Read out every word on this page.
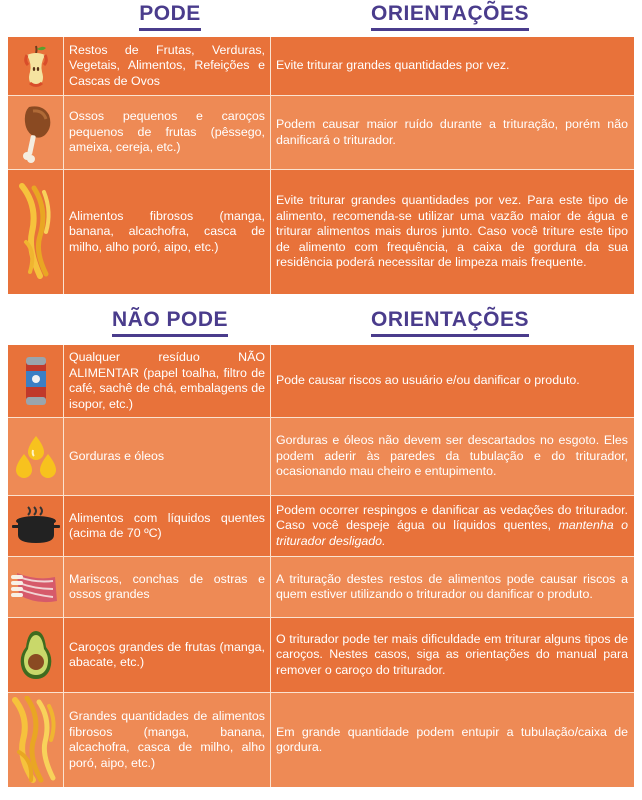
PODE	ORIENTAÇÕES
Restos de Frutas, Verduras, Vegetais, Alimentos, Refeições e Cascas de Ovos
Evite triturar grandes quantidades por vez.
Ossos pequenos e caroços pequenos de frutas (pêssego, ameixa, cereja, etc.)
Podem causar maior ruído durante a trituração, porém não danificará o triturador.
Alimentos fibrosos (manga, banana, alcachofra, casca de milho, alho poró, aipo, etc.)
Evite triturar grandes quantidades por vez. Para este tipo de alimento, recomenda-se utilizar uma vazão maior de água e triturar alimentos mais duros junto. Caso você triture este tipo de alimento com frequência, a caixa de gordura da sua residência poderá necessitar de limpeza mais frequente.
NÃO PODE	ORIENTAÇÕES
Qualquer resíduo NÃO ALIMENTAR (papel toalha, filtro de café, sachê de chá, embalagens de isopor, etc.)
Pode causar riscos ao usuário e/ou danificar o produto.
Gorduras e óleos
Gorduras e óleos não devem ser descartados no esgoto. Eles podem aderir às paredes da tubulação e do triturador, ocasionando mau cheiro e entupimento.
Alimentos com líquidos quentes (acima de 70 ºC)
Podem ocorrer respingos e danificar as vedações do triturador. Caso você despeje água ou líquidos quentes, mantenha o triturador desligado.
Mariscos, conchas de ostras e ossos grandes
A trituração destes restos de alimentos pode causar riscos a quem estiver utilizando o triturador ou danificar o produto.
Caroços grandes de frutas (manga, abacate, etc.)
O triturador pode ter mais dificuldade em triturar alguns tipos de caroços. Nestes casos, siga as orientações do manual para remover o caroço do triturador.
Grandes quantidades de alimentos fibrosos (manga, banana, alcachofra, casca de milho, alho poró, aipo, etc.)
Em grande quantidade podem entupir a tubulação/caixa de gordura.
